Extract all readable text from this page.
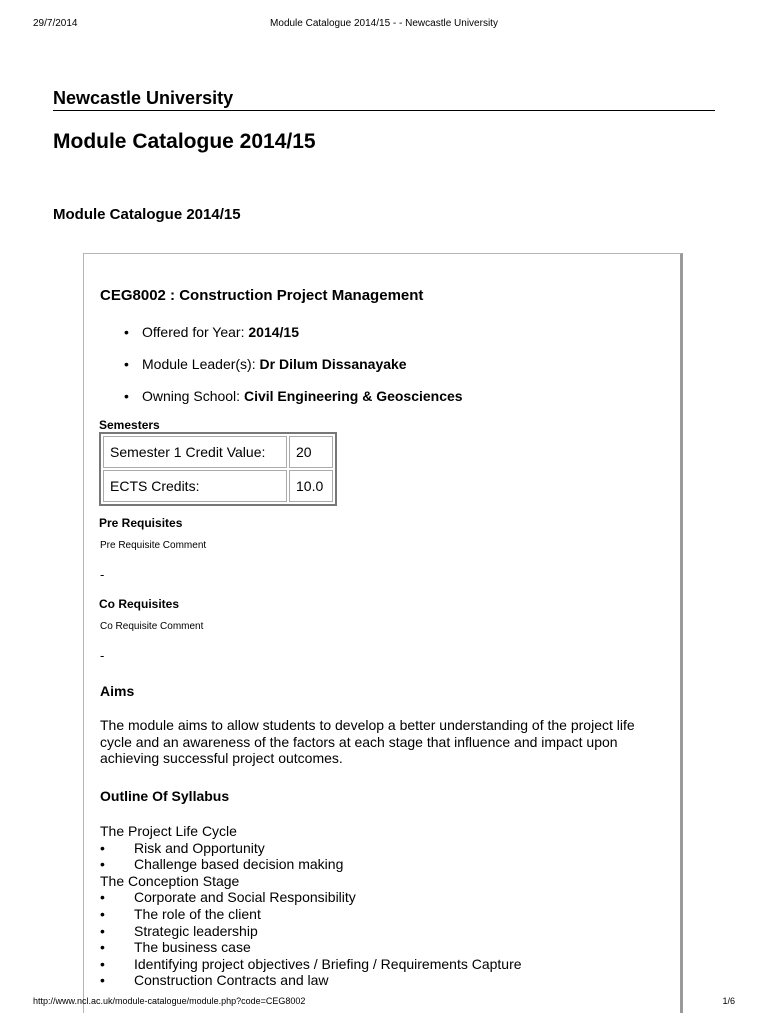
29/7/2014	Module Catalogue 2014/15 - - Newcastle University
Newcastle University
Module Catalogue 2014/15
Module Catalogue 2014/15
CEG8002 : Construction Project Management
• Offered for Year: 2014/15
• Module Leader(s): Dr Dilum Dissanayake
• Owning School: Civil Engineering & Geosciences
Semesters
Semester 1 Credit Value:	20
ECTS Credits:	10.0
Pre Requisites
Pre Requisite Comment
-
Co Requisites
Co Requisite Comment
-
Aims
The module aims to allow students to develop a better understanding of the project life cycle and an awareness of the factors at each stage that influence and impact upon achieving successful project outcomes.
Outline Of Syllabus
The Project Life Cycle
• Risk and Opportunity
• Challenge based decision making
The Conception Stage
• Corporate and Social Responsibility
• The role of the client
• Strategic leadership
• The business case
• Identifying project objectives / Briefing / Requirements Capture
• Construction Contracts and law
http://www.ncl.ac.uk/module-catalogue/module.php?code=CEG8002	1/6
